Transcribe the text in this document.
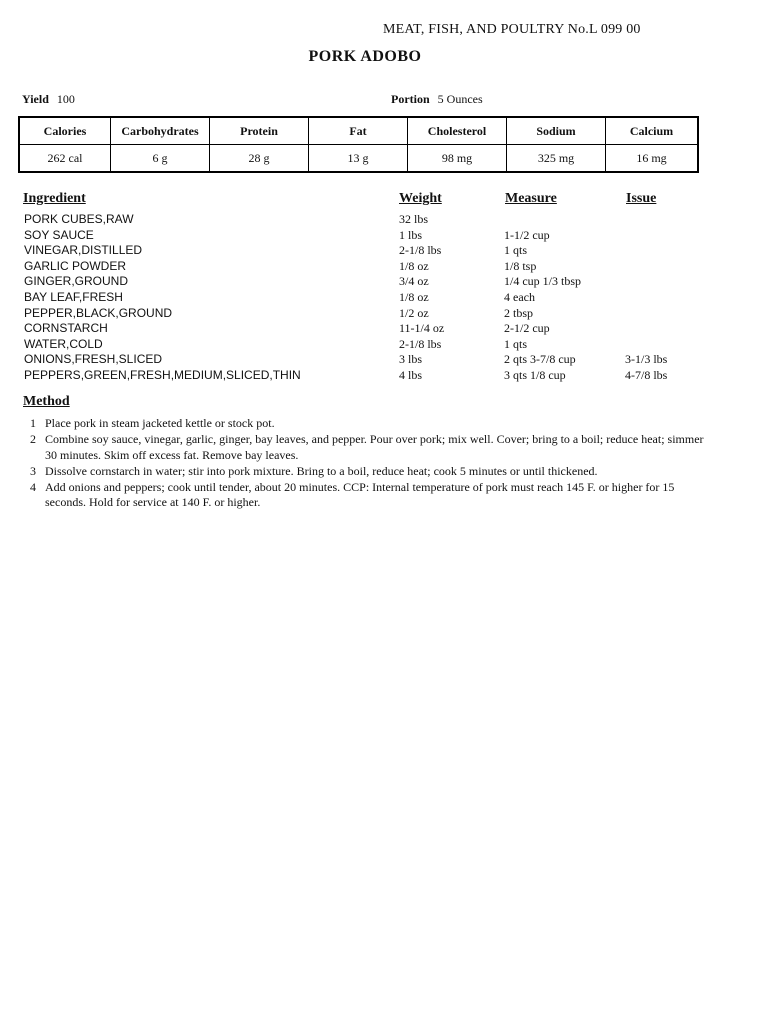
MEAT, FISH, AND POULTRY No.L 099 00
PORK ADOBO
Yield 100	Portion 5 Ounces
Calories	Carbohydrates	Protein	Fat	Cholesterol	Sodium	Calcium
262 cal	6 g	28 g	13 g	98 mg	325 mg	16 mg
Ingredient	Weight	Measure	Issue
PORK CUBES,RAW	32 lbs
SOY SAUCE	1 lbs	1-1/2 cup
VINEGAR,DISTILLED	2-1/8 lbs	1 qts
GARLIC POWDER	1/8 oz	1/8 tsp
GINGER,GROUND	3/4 oz	1/4 cup 1/3 tbsp
BAY LEAF,FRESH	1/8 oz	4 each
PEPPER,BLACK,GROUND	1/2 oz	2 tbsp
CORNSTARCH	11-1/4 oz	2-1/2 cup
WATER,COLD	2-1/8 lbs	1 qts
ONIONS,FRESH,SLICED	3 lbs	2 qts 3-7/8 cup	3-1/3 lbs
PEPPERS,GREEN,FRESH,MEDIUM,SLICED,THIN	4 lbs	3 qts 1/8 cup	4-7/8 lbs
Method
1 Place pork in steam jacketed kettle or stock pot.
2 Combine soy sauce, vinegar, garlic, ginger, bay leaves, and pepper. Pour over pork; mix well. Cover; bring to a boil; reduce heat; simmer 30 minutes. Skim off excess fat. Remove bay leaves.
3 Dissolve cornstarch in water; stir into pork mixture. Bring to a boil, reduce heat; cook 5 minutes or until thickened.
4 Add onions and peppers; cook until tender, about 20 minutes. CCP: Internal temperature of pork must reach 145 F. or higher for 15 seconds. Hold for service at 140 F. or higher.
